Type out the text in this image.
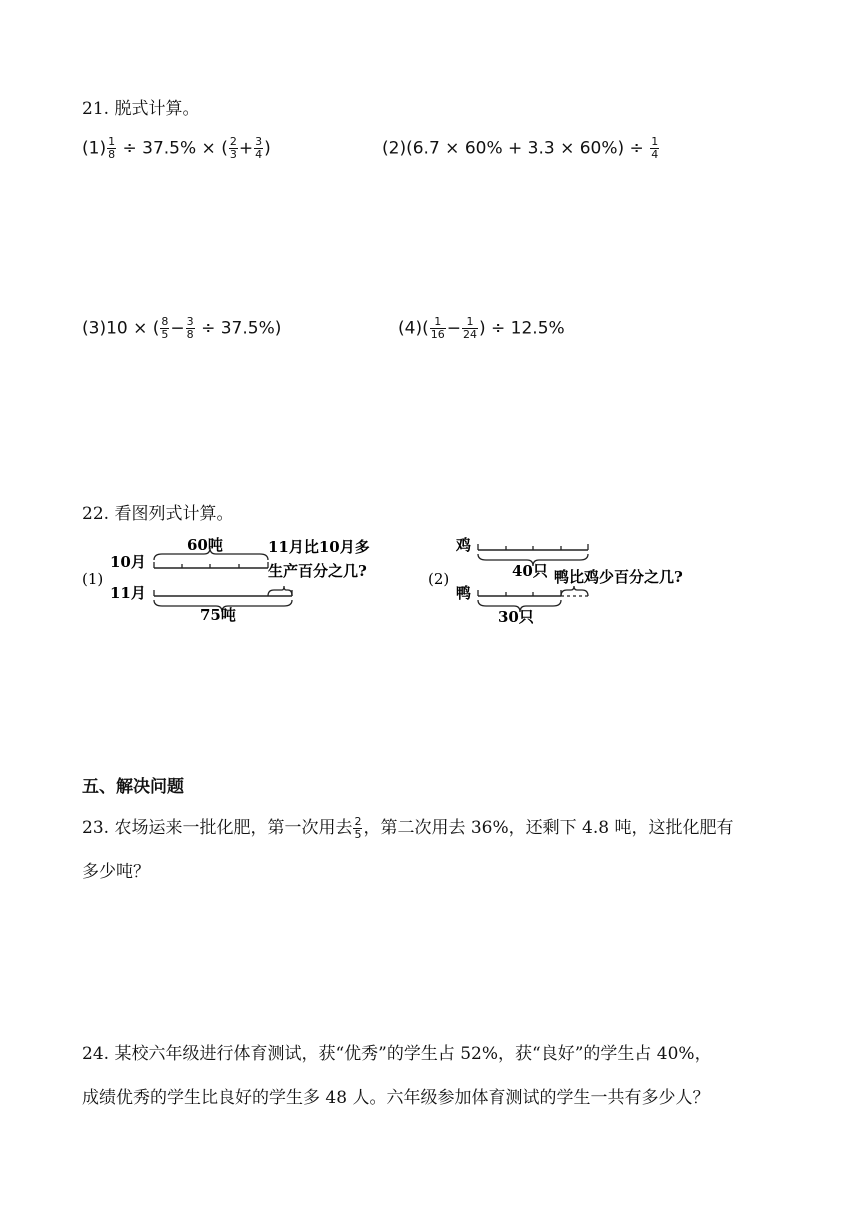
21. 脱式计算。
$(1) \frac{1}{8} \div 37.5\%$ × ( $\frac{2}{3} + \frac{3}{4}$ )	$(2)(6.7 \times 60\% + 3.3 \times 60\%) \div \frac{1}{4}$
(3)10 × ( $\frac{8}{5} - \frac{3}{8} \div 37.5\%$)	$(4)( \frac{1}{16} - \frac{1}{24}$ ) ÷ 12.5%
22. 看图列式计算。
(1)
10月
11月
60吨
75吨
11月比10月多
生产百分之几?	(2)
鸡
鸭
40只 鸭比鸡少百分之几?
30只
五、解决问题
23. 农场运来一批化肥，第一次用去 $\frac{2}{5}$ ，第二次用去 36%，还剩下 4.8 吨，这批化肥有
多少吨？
24. 某校六年级进行体育测试，获“优秀”的学生占 52%，获“良好”的学生占 40%，
成绩优秀的学生比良好的学生多 48 人。六年级参加体育测试的学生一共有多少人？
